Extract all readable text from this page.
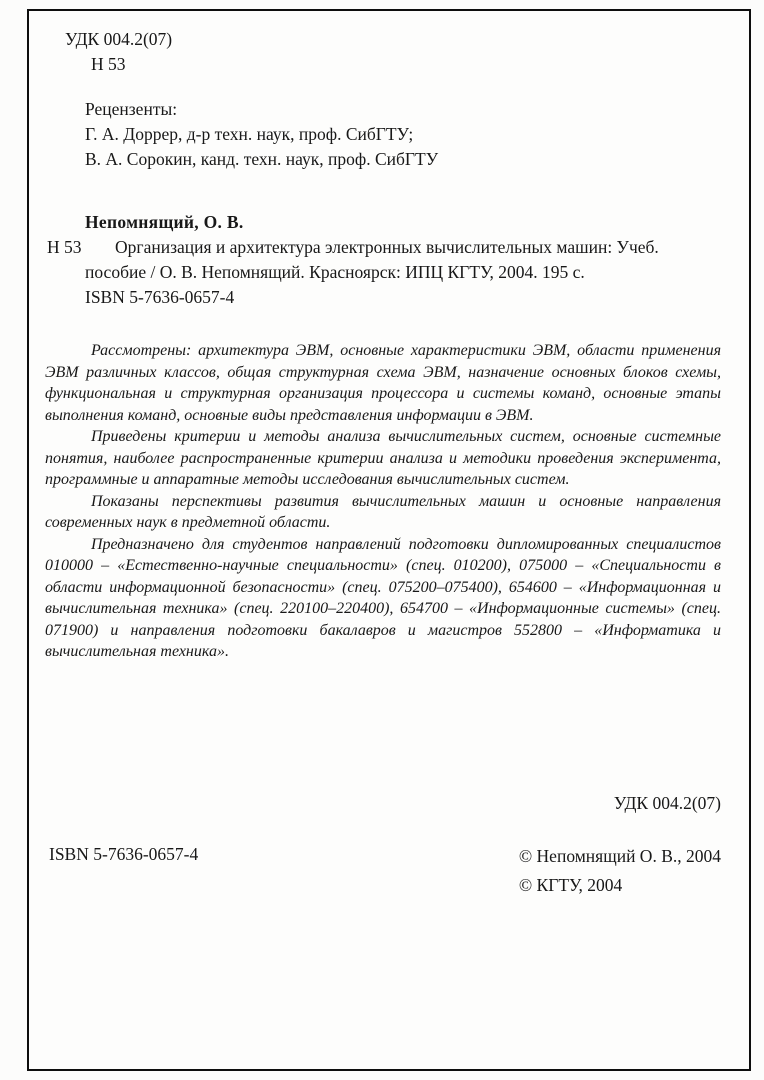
УДК 004.2(07)
Н 53
Рецензенты:
Г. А. Доррер, д-р техн. наук, проф. СибГТУ;
В. А. Сорокин, канд. техн. наук, проф. СибГТУ
Непомнящий, О. В.
Н 53	Организация и архитектура электронных вычислительных машин: Учеб. пособие / О. В. Непомнящий. Красноярск: ИПЦ КГТУ, 2004. 195 с.

ISBN 5-7636-0657-4

Рассмотрены: архитектура ЭВМ, основные характеристики ЭВМ, области применения ЭВМ различных классов, общая структурная схема ЭВМ, назначение основных блоков схемы, функциональная и структурная организация процессора и системы команд, основные этапы выполнения команд, основные виды представления информации в ЭВМ.

Приведены критерии и методы анализа вычислительных систем, основные системные понятия, наиболее распространенные критерии анализа и методики проведения эксперимента, программные и аппаратные методы исследования вычислительных систем.

Показаны перспективы развития вычислительных машин и основные направления современных наук в предметной области.

Предназначено для студентов направлений подготовки дипломированных специалистов 010000 – «Естественно-научные специальности» (спец. 010200), 075000 – «Специальности в области информационной безопасности» (спец. 075200–075400), 654600 – «Информационная и вычислительная техника» (спец. 220100–220400), 654700 – «Информационные системы» (спец. 071900) и направления подготовки бакалавров и магистров 552800 – «Информатика и вычислительная техника».

УДК 004.2(07)
ISBN 5-7636-0657-4	© Непомнящий О. В., 2004
© КГТУ, 2004
